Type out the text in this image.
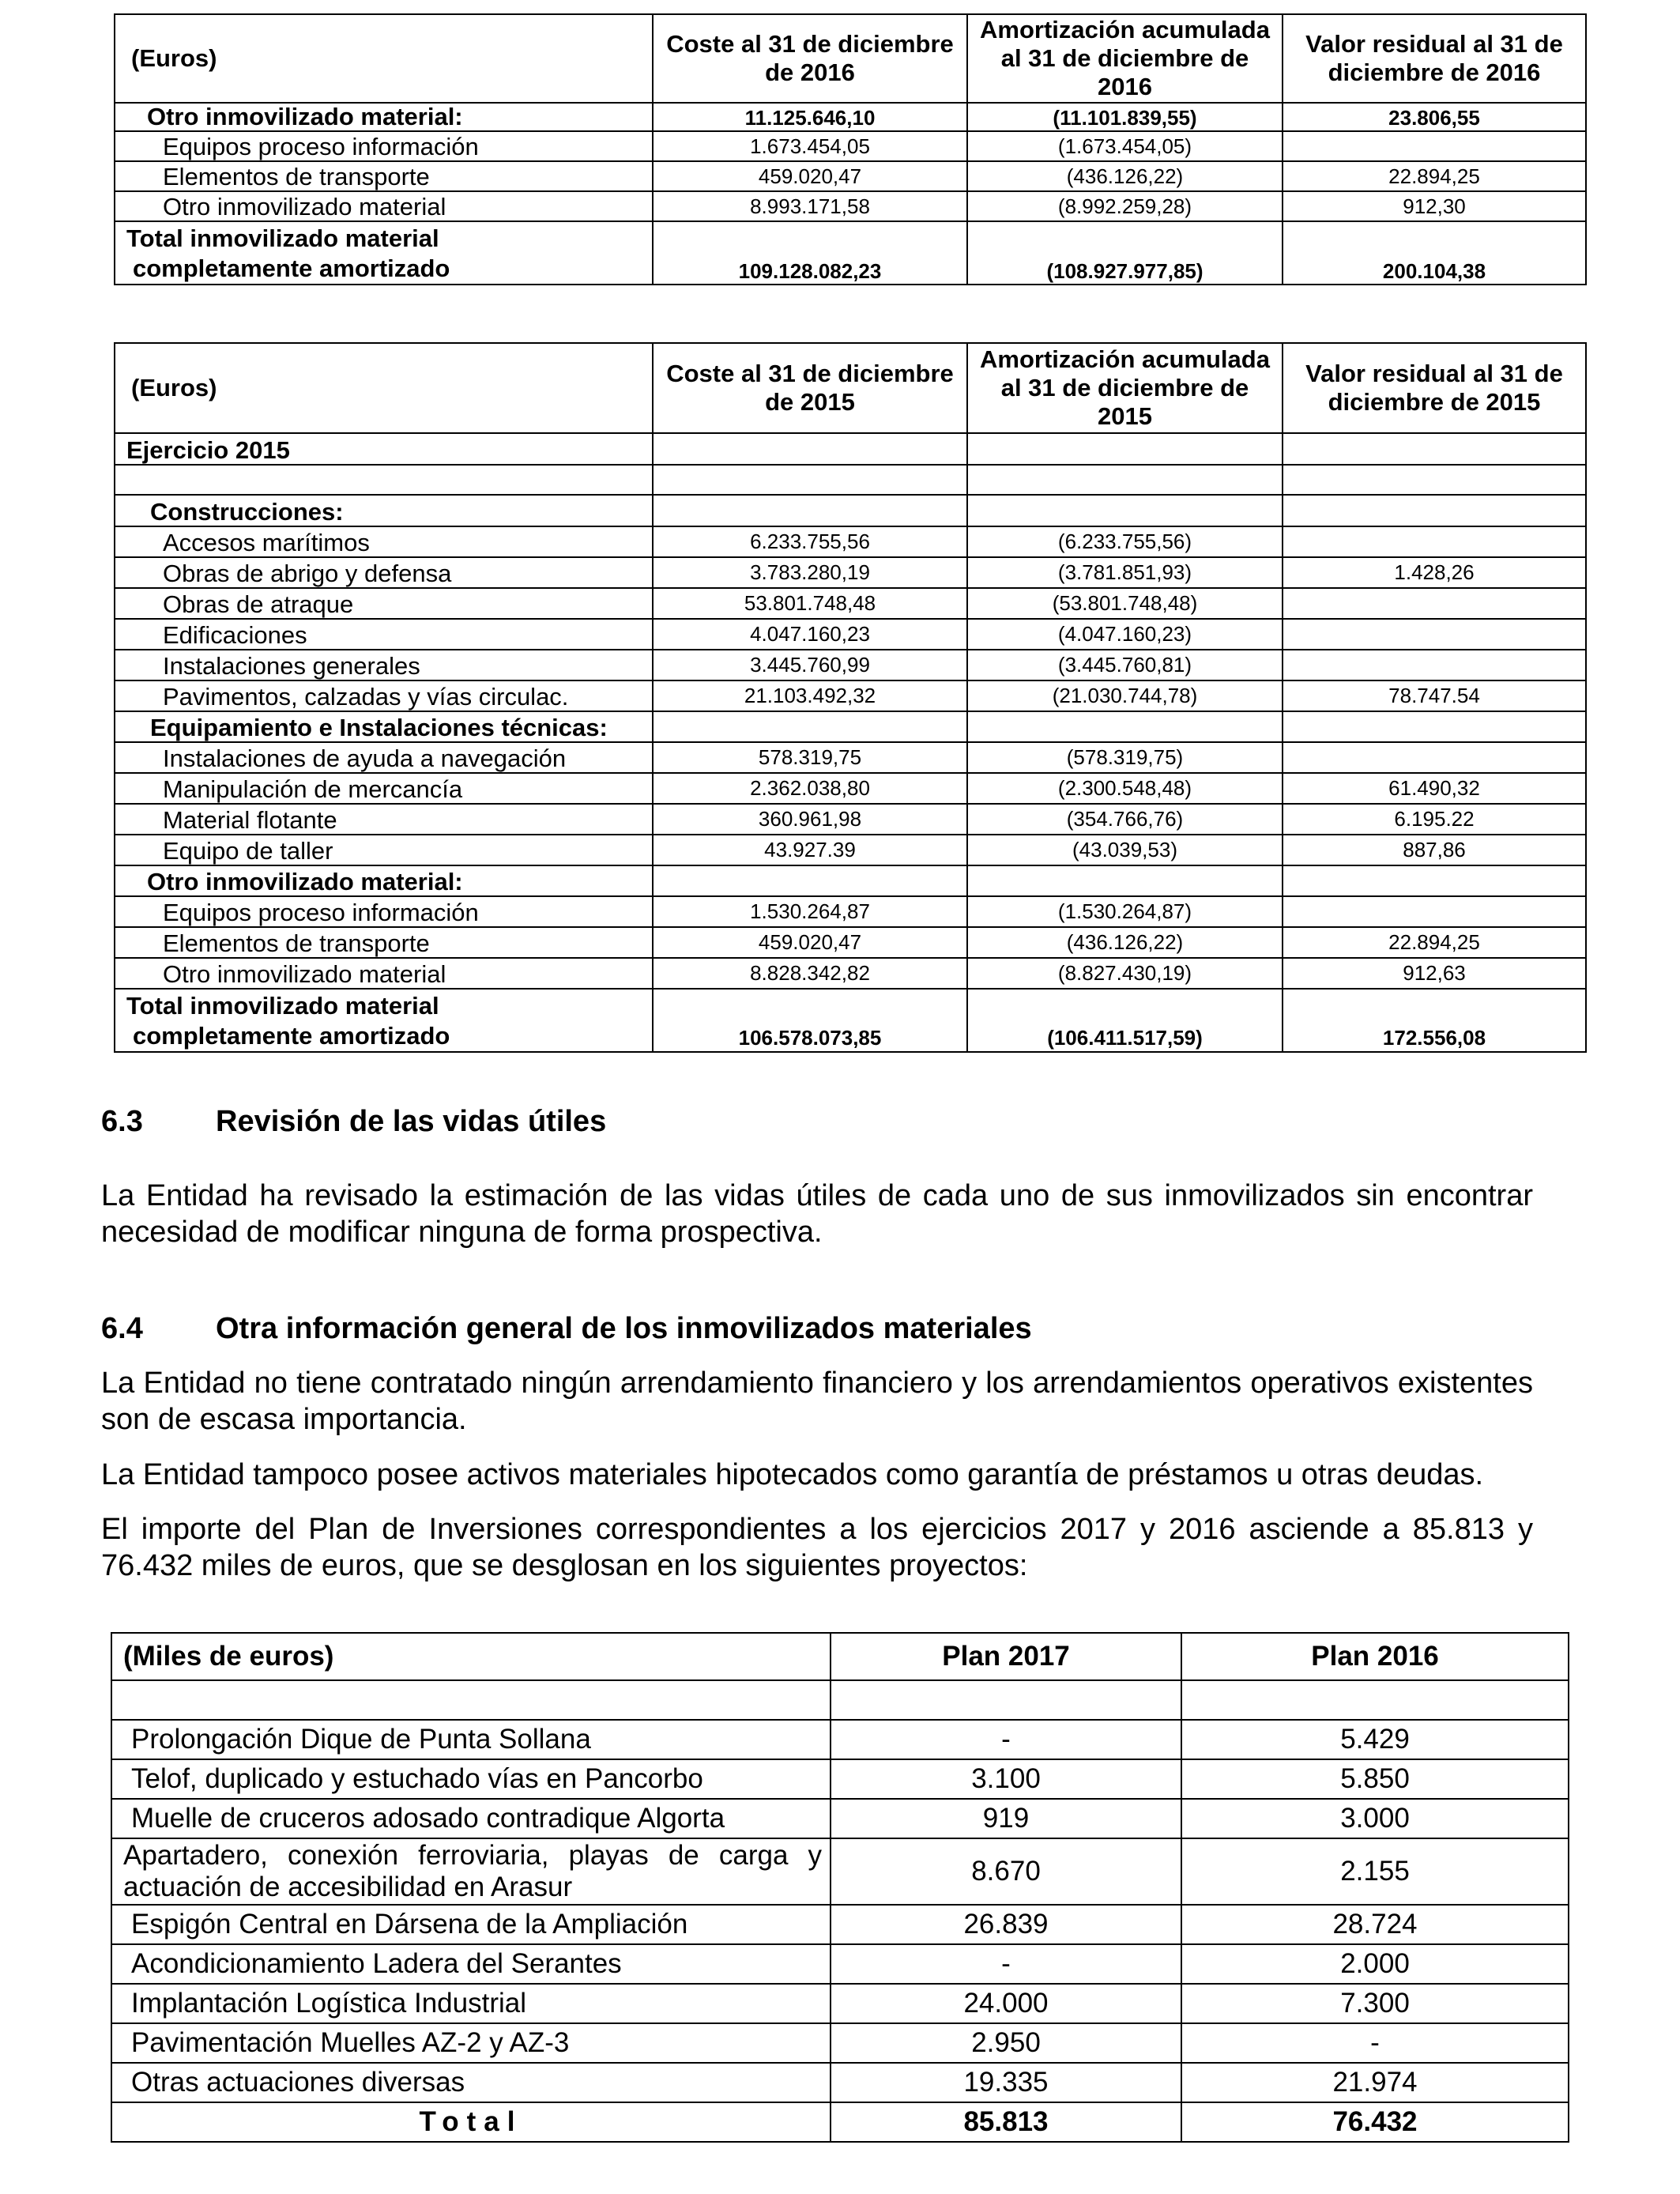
(Euros)	Coste al 31 de diciembre de 2016	Amortización acumulada al 31 de diciembre de 2016	Valor residual al 31 de diciembre de 2016
Otro inmovilizado material:	11.125.646,10	(11.101.839,55)	23.806,55
Equipos proceso información	1.673.454,05	(1.673.454,05)	
Elementos de transporte	459.020,47	(436.126,22)	22.894,25
Otro inmovilizado material	8.993.171,58	(8.992.259,28)	912,30

Total inmovilizado material
completamente amortizado	109.128.082,23	(108.927.977,85)	200.104,38
(Euros)	Coste al 31 de diciembre de 2015	Amortización acumulada al 31 de diciembre de 2015	Valor residual al 31 de diciembre de 2015
Ejercicio 2015			

Construcciones:			
Accesos marítimos	6.233.755,56	(6.233.755,56)	
Obras de abrigo y defensa	3.783.280,19	(3.781.851,93)	1.428,26
Obras de atraque	53.801.748,48	(53.801.748,48)	
Edificaciones	4.047.160,23	(4.047.160,23)	
Instalaciones generales	3.445.760,99	(3.445.760,81)	
Pavimentos, calzadas y vías circulac.	21.103.492,32	(21.030.744,78)	78.747.54
Equipamiento e Instalaciones técnicas:			
Instalaciones de ayuda a navegación	578.319,75	(578.319,75)	
Manipulación de mercancía	2.362.038,80	(2.300.548,48)	61.490,32
Material flotante	360.961,98	(354.766,76)	6.195.22
Equipo de taller	43.927.39	(43.039,53)	887,86
Otro inmovilizado material:			
Equipos proceso información	1.530.264,87	(1.530.264,87)	
Elementos de transporte	459.020,47	(436.126,22)	22.894,25
Otro inmovilizado material	8.828.342,82	(8.827.430,19)	912,63

Total inmovilizado material
completamente amortizado	106.578.073,85	(106.411.517,59)	172.556,08
6.3 Revisión de las vidas útiles

La Entidad ha revisado la estimación de las vidas útiles de cada uno de sus inmovilizados sin encontrar necesidad de modificar ninguna de forma prospectiva.

6.4 Otra información general de los inmovilizados materiales

La Entidad no tiene contratado ningún arrendamiento financiero y los arrendamientos operativos existentes son de escasa importancia.

La Entidad tampoco posee activos materiales hipotecados como garantía de préstamos u otras deudas.

El importe del Plan de Inversiones correspondientes a los ejercicios 2017 y 2016 asciende a 85.813 y 76.432 miles de euros, que se desglosan en los siguientes proyectos:

(Miles de euros)	Plan 2017	Plan 2016

Prolongación Dique de Punta Sollana	-	5.429
Telof, duplicado y estuchado vías en Pancorbo	3.100	5.850
Muelle de cruceros adosado contradique Algorta	919	3.000
Apartadero, conexión ferroviaria, playas de carga y actuación de accesibilidad en Arasur	8.670	2.155
Espigón Central en Dársena de la Ampliación	26.839	28.724
Acondicionamiento Ladera del Serantes	-	2.000
Implantación Logística Industrial	24.000	7.300
Pavimentación Muelles AZ-2 y AZ-3	2.950	-
Otras actuaciones diversas	19.335	21.974
Total	85.813	76.432
